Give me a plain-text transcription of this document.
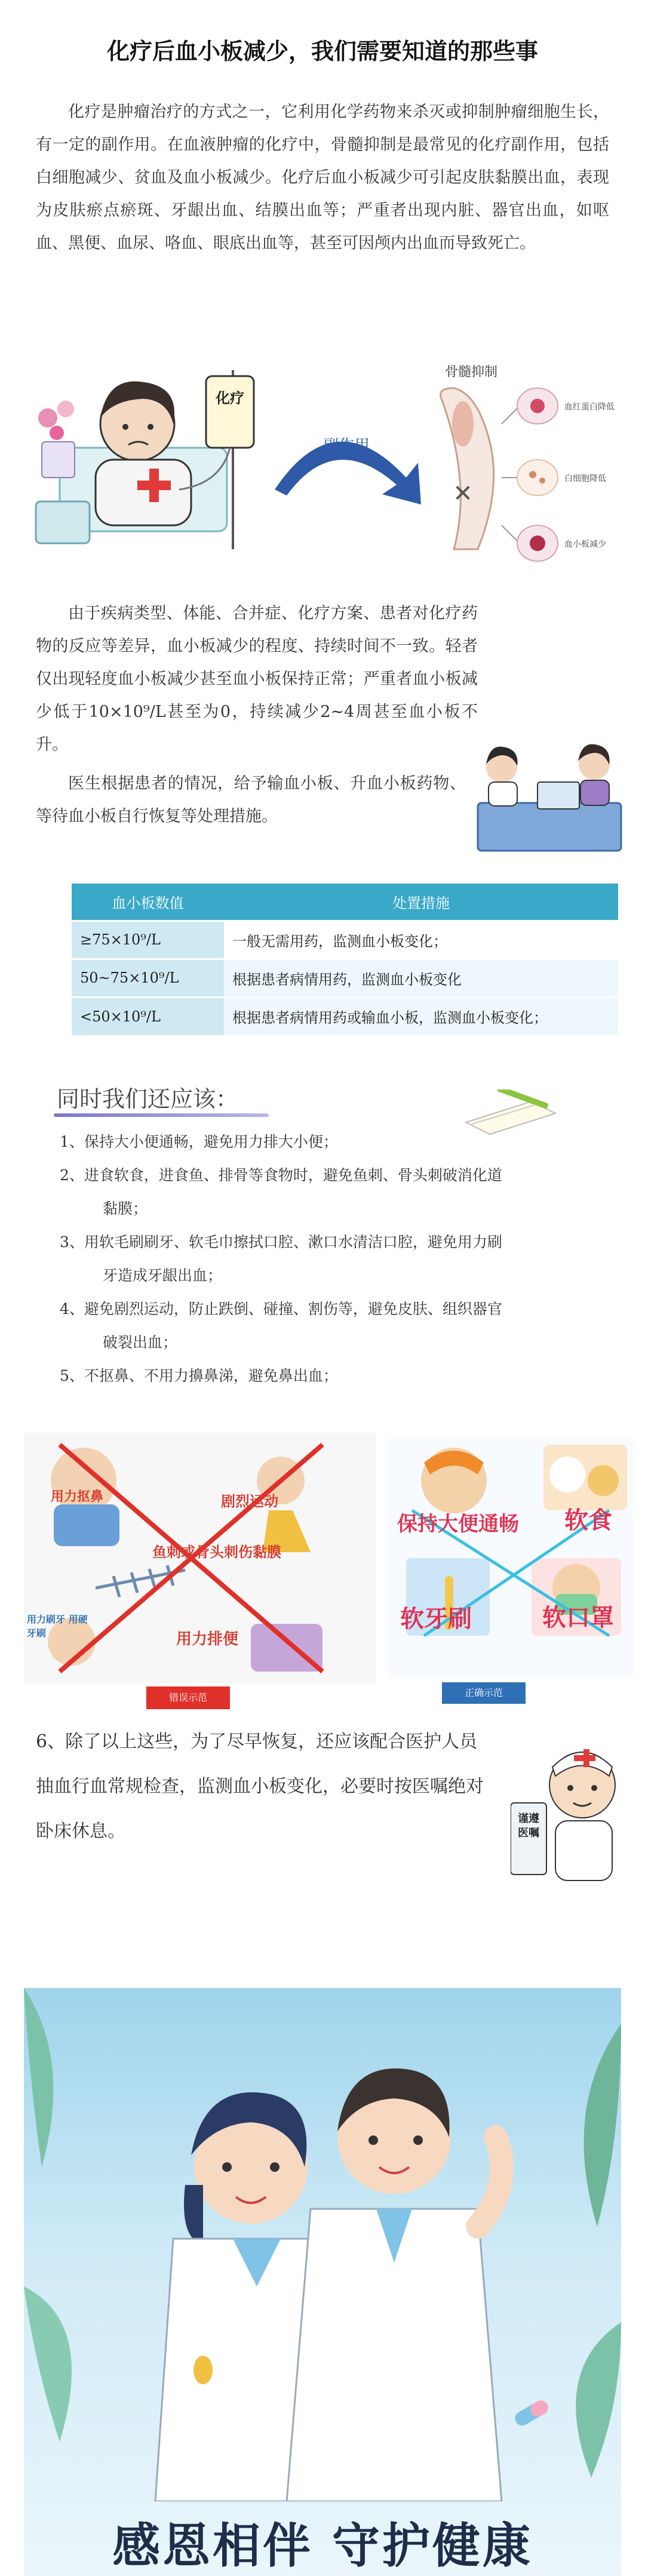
化疗后血小板减少，我们需要知道的那些事

化疗是肿瘤治疗的方式之一，它利用化学药物来杀灭或抑制肿瘤细胞生长，有一定的副作用。在血液肿瘤的化疗中，骨髓抑制是最常见的化疗副作用，包括白细胞减少、贫血及血小板减少。化疗后血小板减少可引起皮肤黏膜出血，表现为皮肤瘀点瘀斑、牙龈出血、结膜出血等；严重者出现内脏、器官出血，如呕血、黑便、血尿、咯血、眼底出血等，甚至可因颅内出血而导致死亡。

化疗
副作用
骨髓抑制
✕
血红蛋白降低
白细胞降低
血小板减少

由于疾病类型、体能、合并症、化疗方案、患者对化疗药物的反应等差异，血小板减少的程度、持续时间不一致。轻者仅出现轻度血小板减少甚至血小板保持正常；严重者血小板减少低于10×10⁹/L甚至为0，持续减少2~4周甚至血小板不升。

医生根据患者的情况，给予输血小板、升血小板药物、等待血小板自行恢复等处理措施。

血小板数值	处置措施
≥75×10⁹/L	一般无需用药，监测血小板变化；
50~75×10⁹/L	根据患者病情用药，监测血小板变化
<50×10⁹/L	根据患者病情用药或输血小板，监测血小板变化；
同时我们还应该：
1、保持大小便通畅，避免用力排大小便；
2、进食软食，进食鱼、排骨等食物时，避免鱼刺、骨头刺破消化道
黏膜；
3、用软毛刷刷牙、软毛巾擦拭口腔、漱口水清洁口腔，避免用力刷
牙造成牙龈出血；
4、避免剧烈运动，防止跌倒、碰撞、割伤等，避免皮肤、组织器官
破裂出血；
5、不抠鼻、不用力擤鼻涕，避免鼻出血；
用力抠鼻	剧烈运动
鱼刺或骨头刺伤黏膜
用力刷牙 用硬牙刷	用力排便
错误示范
保持大便通畅 软食
软牙刷	软口罩
正确示范

6、除了以上这些，为了尽早恢复，还应该配合医护人员抽血行血常规检查，监测血小板变化，必要时按医嘱绝对卧床休息。

谨遵医嘱
感恩相伴 守护健康
